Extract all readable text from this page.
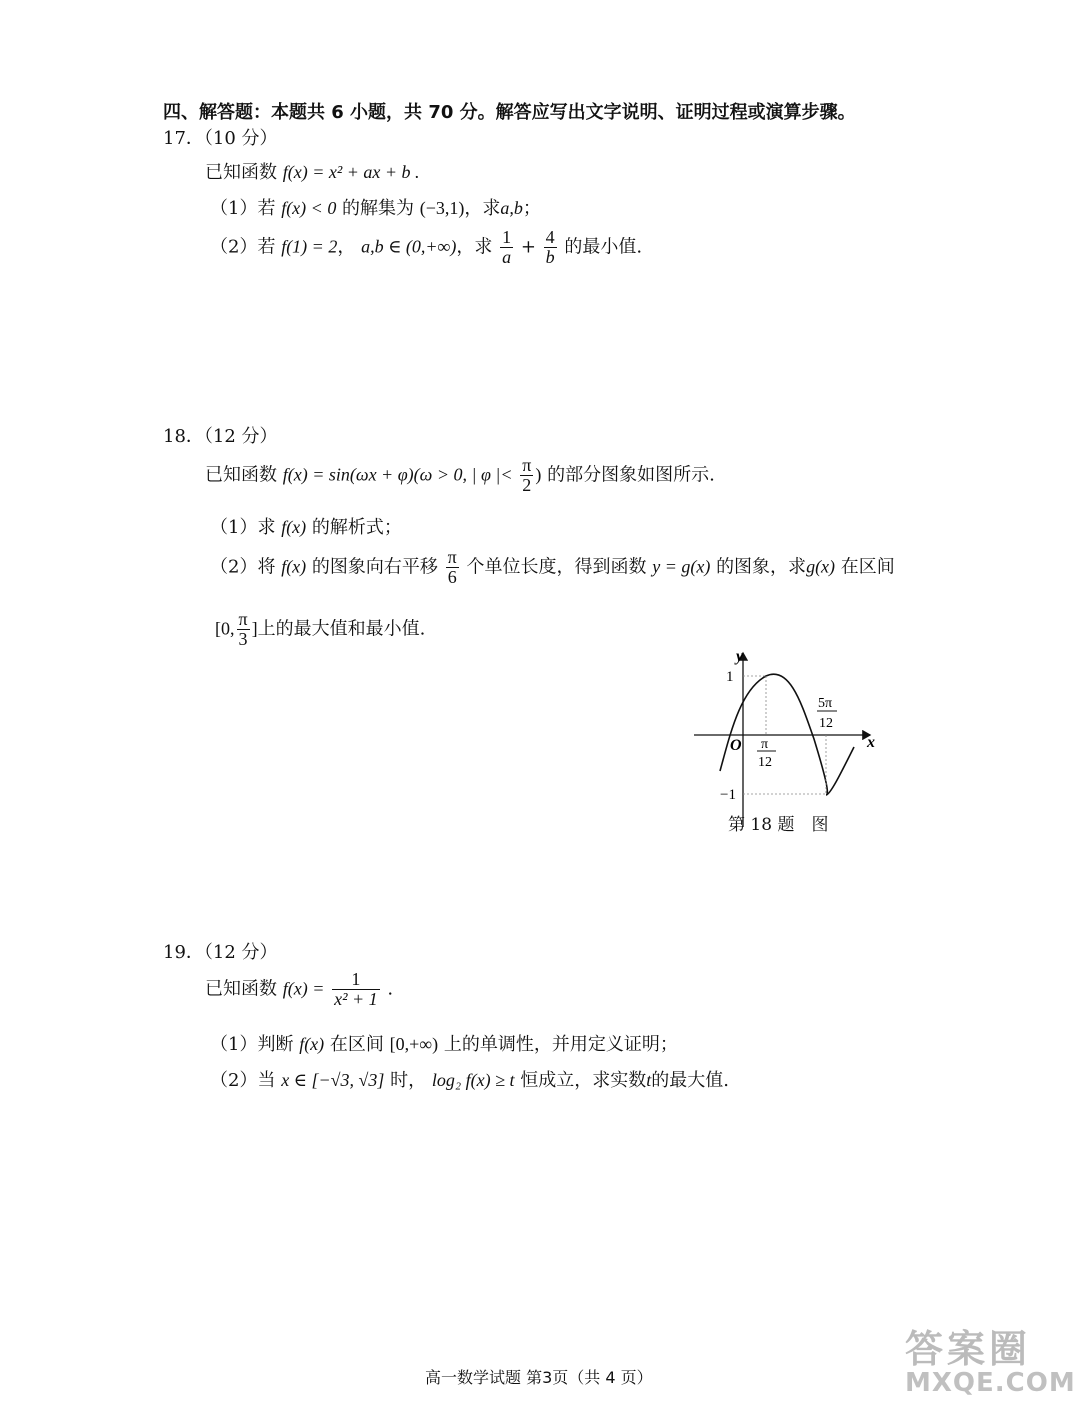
四、解答题：本题共 6 小题，共 70 分。解答应写出文字说明、证明过程或演算步骤。
17．（10 分）
已知函数 f(x) = x² + ax + b .
（1）若 f(x) < 0 的解集为 (−3,1)，求a,b；
（2）若 f(1) = 2， a,b ∈ (0,+∞)，求 $\frac{1}{a} + \frac{4}{b}$ 的最小值.
18．（12 分）
已知函数 f(x) = sin(ωx + φ)(ω > 0, | φ |< $\frac{\pi}{2}$ ) 的部分图象如图所示.
（1）求 f(x) 的解析式；
（2）将 f(x) 的图象向右平移 $\frac{\pi}{6}$ 个单位长度，得到函数 y = g(x) 的图象，求g(x) 在区间
[0, $\frac{\pi}{3}$ ]上的最大值和最小值.
y
x
O
1
−1
π
12
5π
12
第 18 题　图
19．（12 分）
已知函数 $f(x) = \frac{1}{\text{x² + 1}}$ .
（1）判断 f(x) 在区间 [0,+∞) 上的单调性，并用定义证明；
（2）当 x ∈ [−√3, √3] 时， log₂ f(x) ≥ t 恒成立，求实数t的最大值.
高一数学试题 第3页（共 4 页）
答案圈
MXQE.COM
